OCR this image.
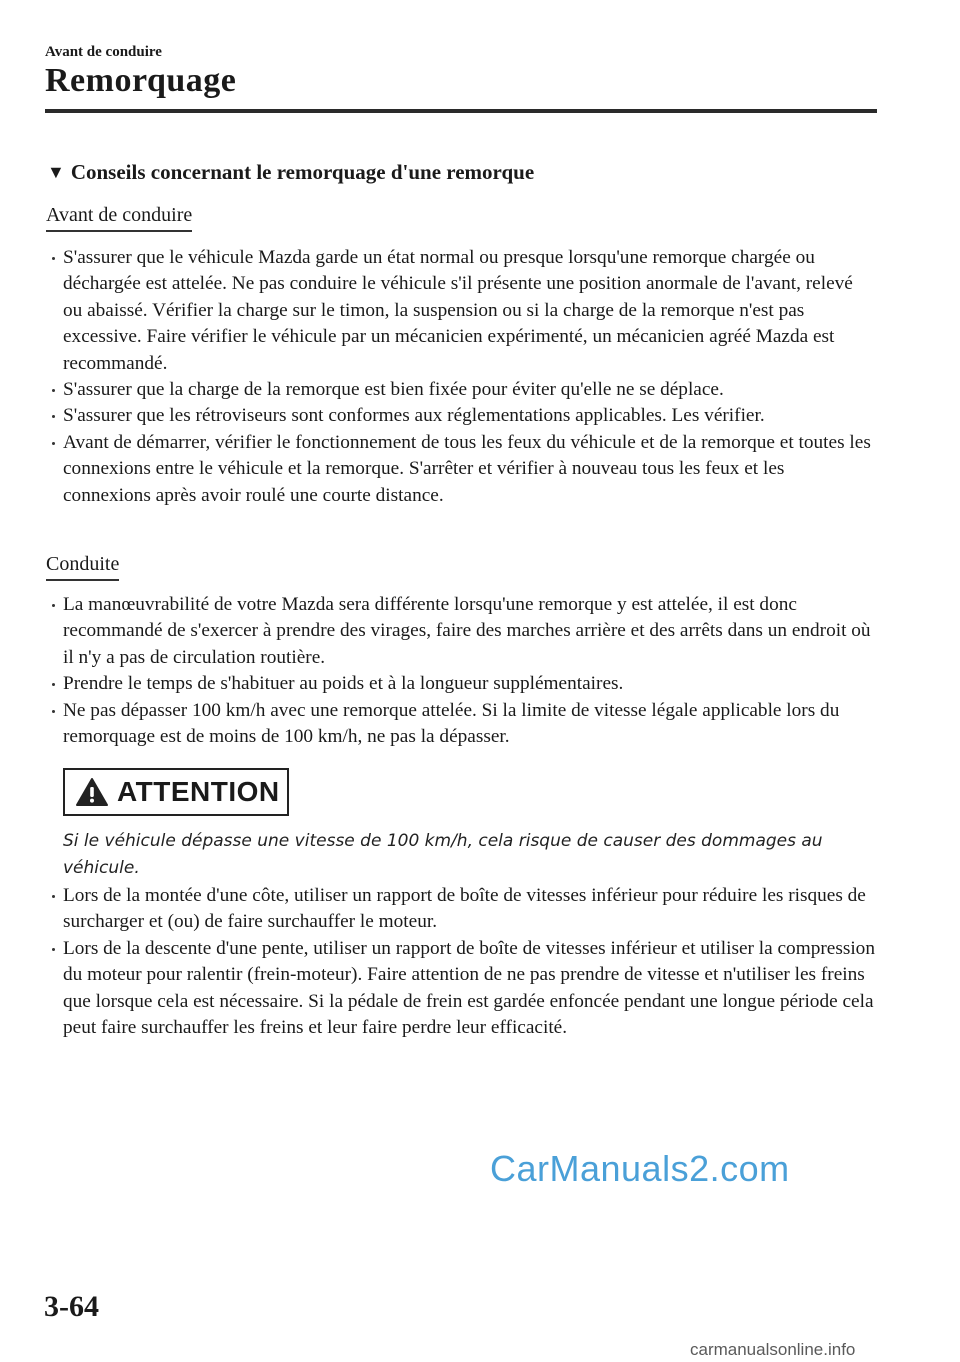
Avant de conduire
Remorquage
▼ Conseils concernant le remorquage d'une remorque
Avant de conduire
S'assurer que le véhicule Mazda garde un état normal ou presque lorsqu'une remorque chargée ou déchargée est attelée. Ne pas conduire le véhicule s'il présente une position anormale de l'avant, relevé ou abaissé. Vérifier la charge sur le timon, la suspension ou si la charge de la remorque n'est pas excessive. Faire vérifier le véhicule par un mécanicien expérimenté, un mécanicien agréé Mazda est recommandé.
S'assurer que la charge de la remorque est bien fixée pour éviter qu'elle ne se déplace.
S'assurer que les rétroviseurs sont conformes aux réglementations applicables. Les vérifier.
Avant de démarrer, vérifier le fonctionnement de tous les feux du véhicule et de la remorque et toutes les connexions entre le véhicule et la remorque. S'arrêter et vérifier à nouveau tous les feux et les connexions après avoir roulé une courte distance.
Conduite
La manœuvrabilité de votre Mazda sera différente lorsqu'une remorque y est attelée, il est donc recommandé de s'exercer à prendre des virages, faire des marches arrière et des arrêts dans un endroit où il n'y a pas de circulation routière.
Prendre le temps de s'habituer au poids et à la longueur supplémentaires.
Ne pas dépasser 100 km/h avec une remorque attelée. Si la limite de vitesse légale applicable lors du remorquage est de moins de 100 km/h, ne pas la dépasser.
ATTENTION
Si le véhicule dépasse une vitesse de 100 km/h, cela risque de causer des dommages au véhicule.
Lors de la montée d'une côte, utiliser un rapport de boîte de vitesses inférieur pour réduire les risques de surcharger et (ou) de faire surchauffer le moteur.
Lors de la descente d'une pente, utiliser un rapport de boîte de vitesses inférieur et utiliser la compression du moteur pour ralentir (frein-moteur). Faire attention de ne pas prendre de vitesse et n'utiliser les freins que lorsque cela est nécessaire. Si la pédale de frein est gardée enfoncée pendant une longue période cela peut faire surchauffer les freins et leur faire perdre leur efficacité.
CarManuals2.com
3-64
carmanualsonline.info
